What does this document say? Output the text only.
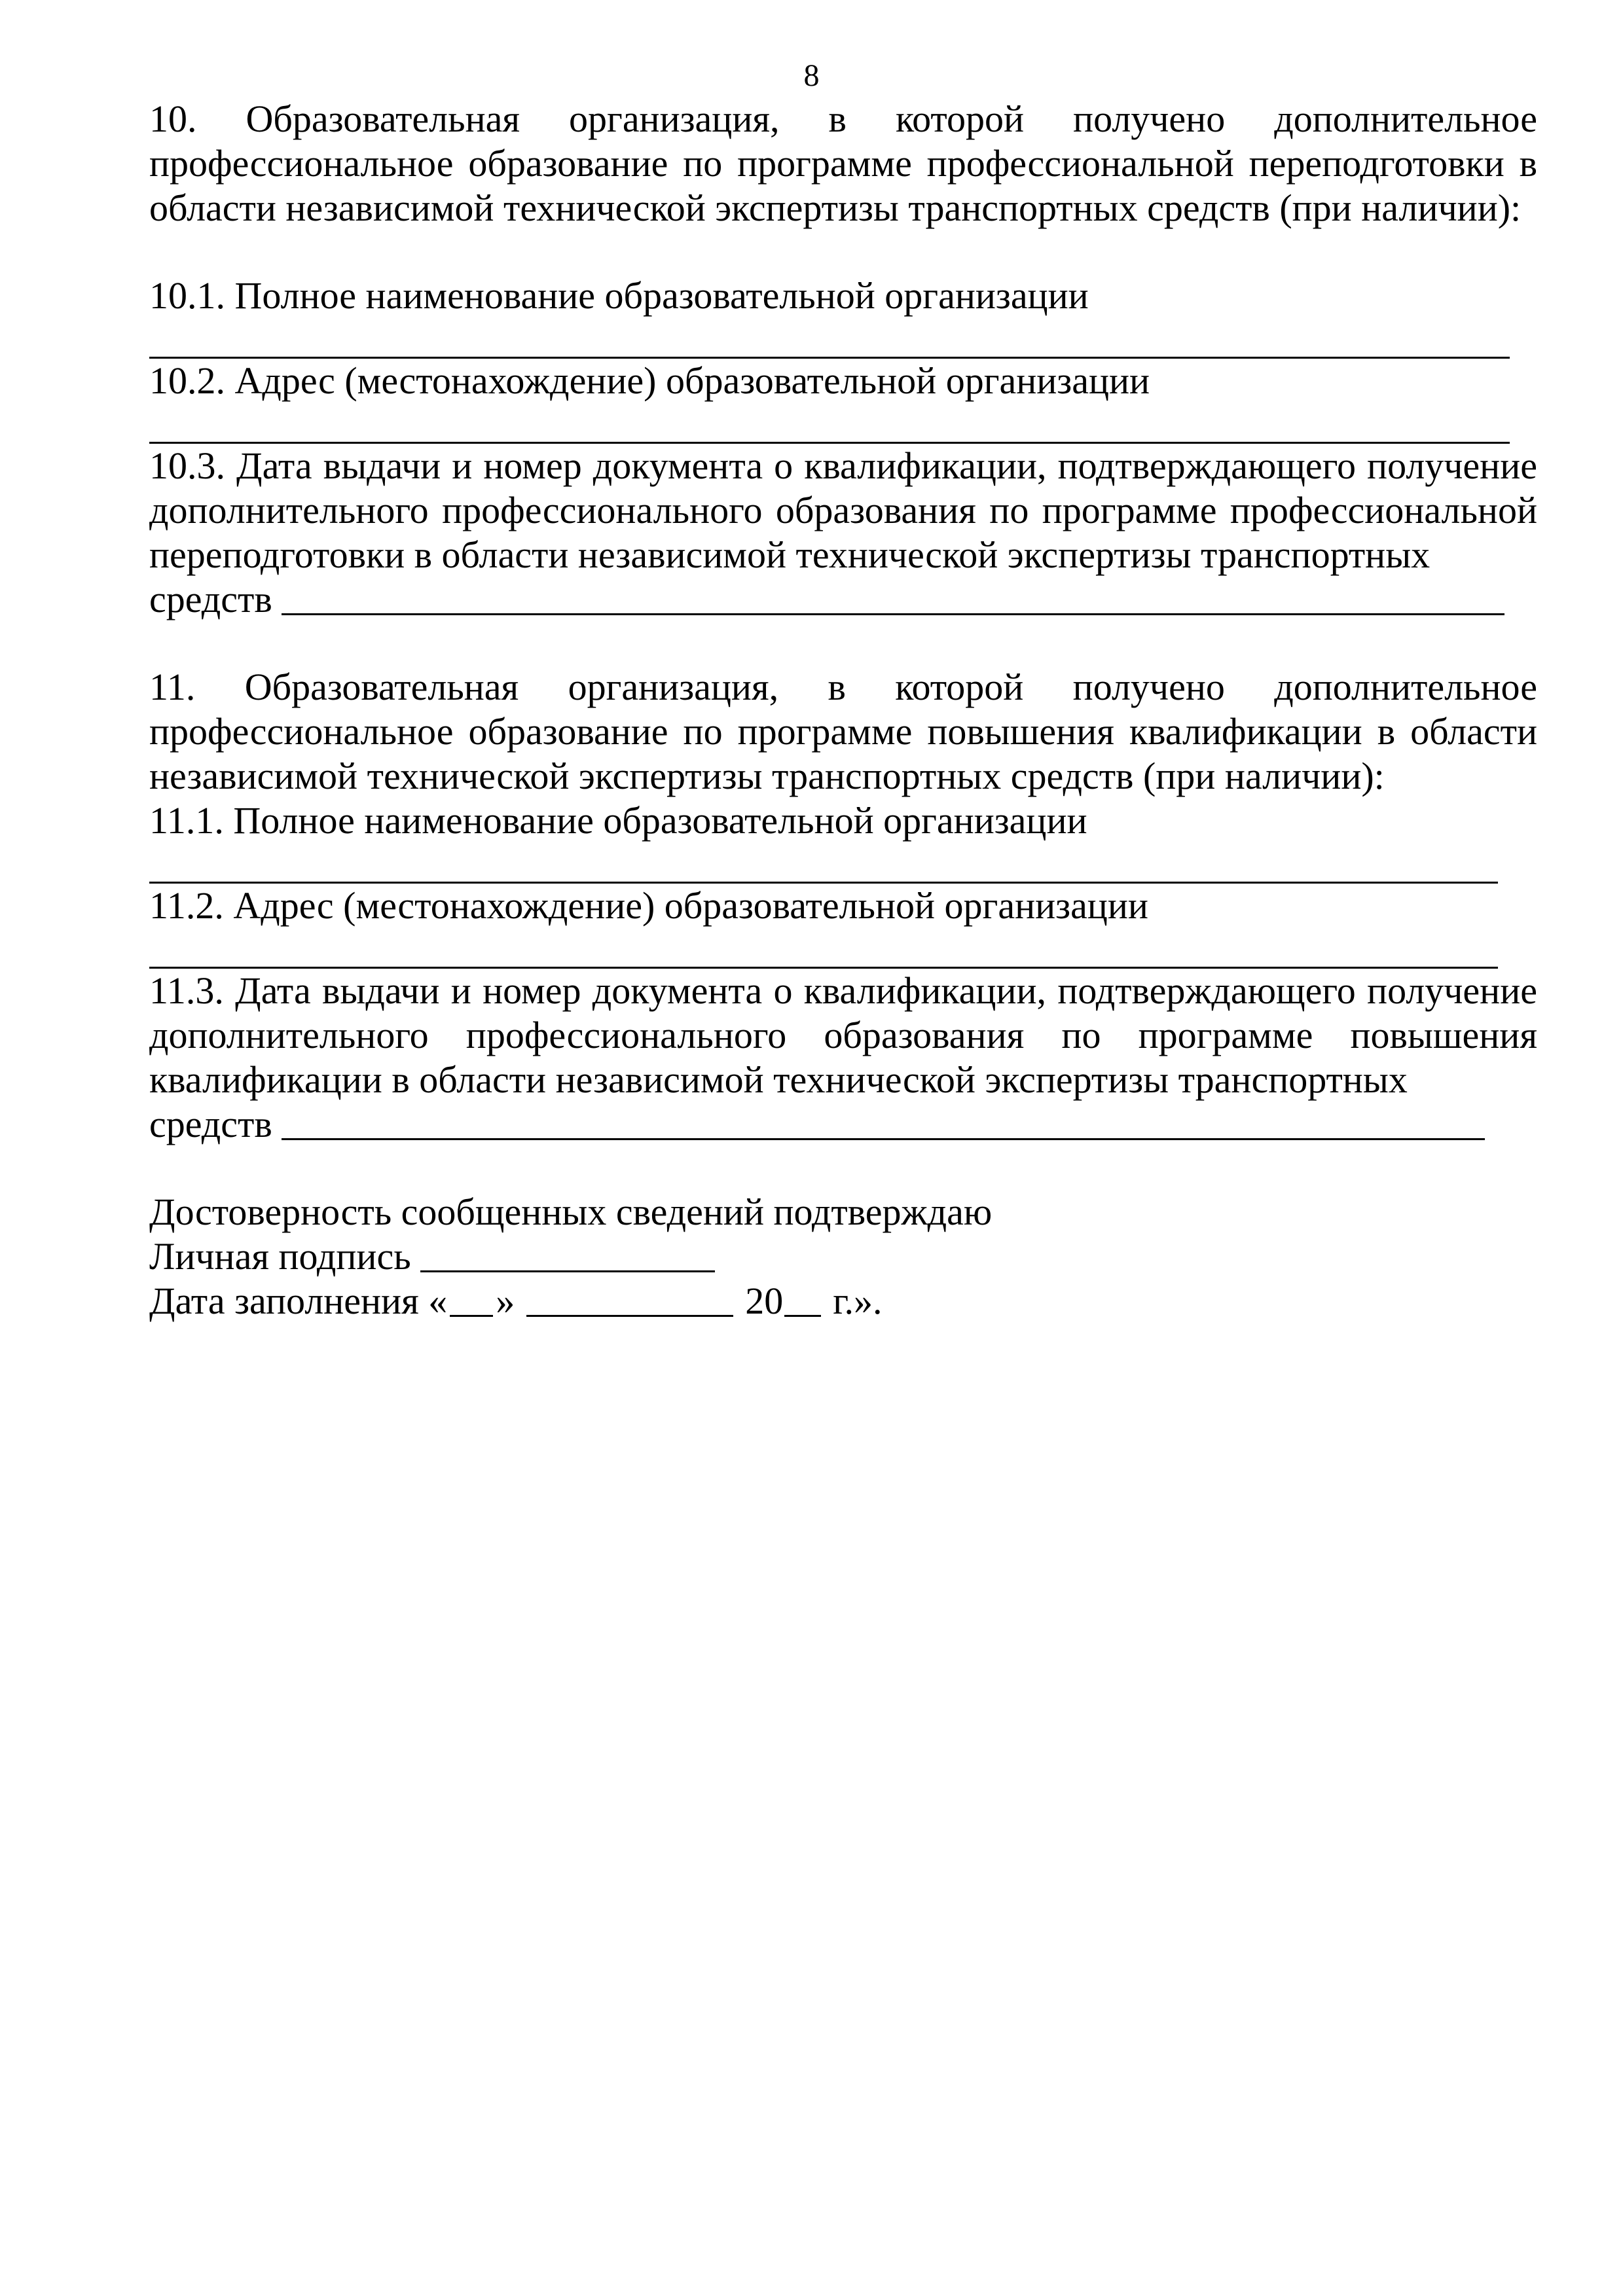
8

10. Образовательная организация, в которой получено дополнительное

профессиональное образование по программе профессиональной переподготовки в области независимой технической экспертизы транспортных средств (при наличии):

10.1. Полное наименование образовательной организации

10.2. Адрес (местонахождение) образовательной организации

10.3. Дата выдачи и номер документа о квалификации, подтверждающего получение дополнительного профессионального образования по программе профессиональной переподготовки в области независимой технической экспертизы транспортных

средств

11. Образовательная организация, в которой получено дополнительное профессиональное образование по программе повышения квалификации в области независимой технической экспертизы транспортных средств (при наличии):

11.1. Полное наименование образовательной организации

11.2. Адрес (местонахождение) образовательной организации

11.3. Дата выдачи и номер документа о квалификации, подтверждающего получение дополнительного профессионального образования по программе повышения квалификации в области независимой технической экспертизы транспортных

средств

Достоверность сообщенных сведений подтверждаю

Личная подпись
Дата заполнения « »	20 г.».
